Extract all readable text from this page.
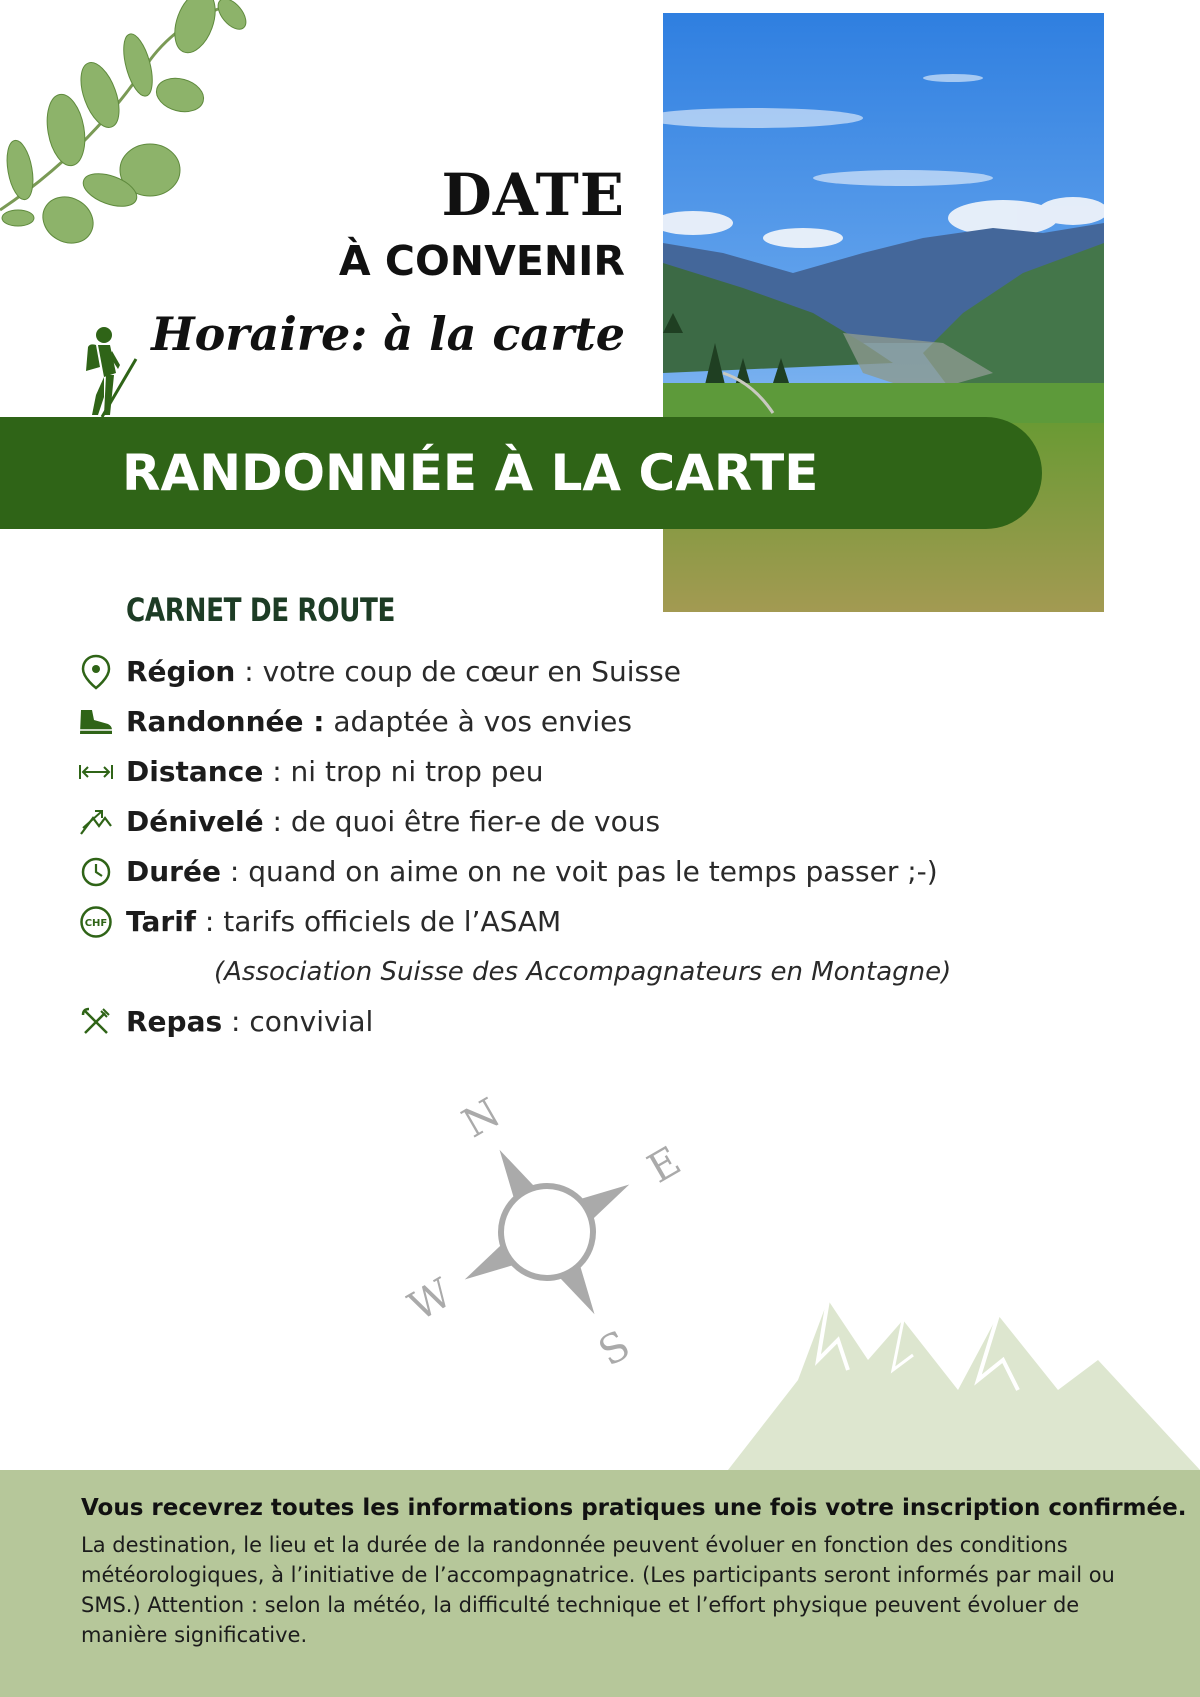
DATE
À CONVENIR
Horaire: à la carte
RANDONNÉE À LA CARTE
CARNET DE ROUTE
Région : votre coup de cœur en Suisse
Randonnée : adaptée à vos envies
Distance : ni trop ni trop peu
Dénivelé : de quoi être fier-e de vous
Durée : quand on aime on ne voit pas le temps passer ;-)
CHF Tarif : tarifs officiels de l’ASAM
(Association Suisse des Accompagnateurs en Montagne)
Repas : convivial
N
S
E
W
Vous recevrez toutes les informations pratiques une fois votre inscription confirmée.
La destination, le lieu et la durée de la randonnée peuvent évoluer en fonction des conditions météorologiques, à l’initiative de l’accompagnatrice. (Les participants seront informés par mail ou SMS.) Attention : selon la météo, la difficulté technique et l’effort physique peuvent évoluer de manière significative.
